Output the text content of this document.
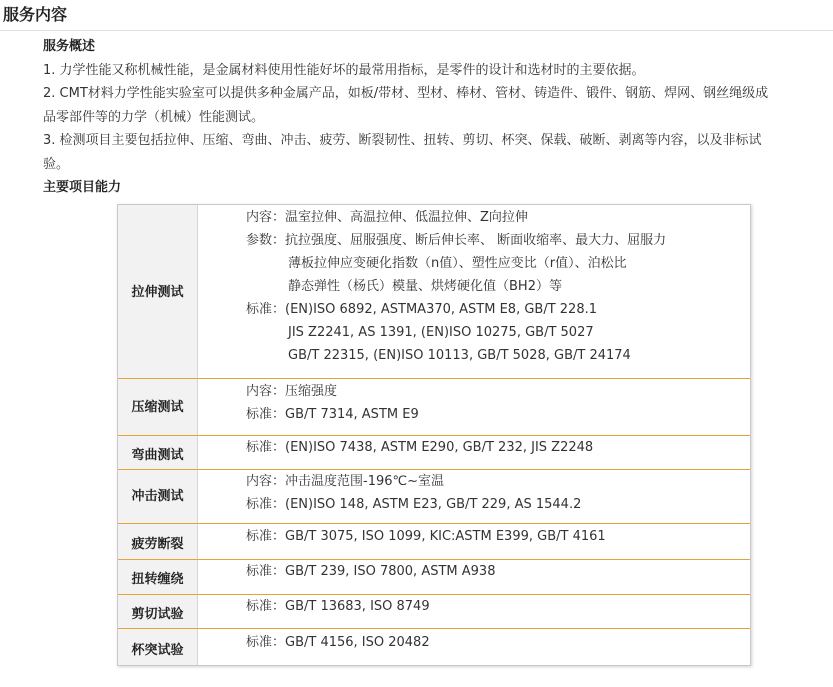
服务内容
服务概述

1. 力学性能又称机械性能，是金属材料使用性能好坏的最常用指标，是零件的设计和选材时的主要依据。

2. CMT材料力学性能实验室可以提供多种金属产品，如板/带材、型材、棒材、管材、铸造件、锻件、钢筋、焊网、钢丝绳级成

品零部件等的力学（机械）性能测试。

3. 检测项目主要包括拉伸、压缩、弯曲、冲击、疲劳、断裂韧性、扭转、剪切、杯突、保载、破断、剥离等内容，以及非标试

验。

主要项目能力
拉伸测试
内容：温室拉伸、高温拉伸、低温拉伸、Z向拉伸
参数：抗拉强度、屈服强度、断后伸长率、 断面收缩率、最大力、屈服力
薄板拉伸应变硬化指数（n值）、塑性应变比（r值）、泊松比
静态弹性（杨氏）模量、烘烤硬化值（BH2）等
标准：(EN)ISO 6892, ASTMA370, ASTM E8, GB/T 228.1
JIS Z2241, AS 1391, (EN)ISO 10275, GB/T 5027
GB/T 22315, (EN)ISO 10113, GB/T 5028, GB/T 24174
压缩测试
内容：压缩强度
标准：GB/T 7314, ASTM E9
弯曲测试
标准：(EN)ISO 7438, ASTM E290, GB/T 232, JIS Z2248
冲击测试
内容：冲击温度范围-196℃~室温
标准：(EN)ISO 148, ASTM E23, GB/T 229, AS 1544.2
疲劳断裂
标准：GB/T 3075, ISO 1099, KIC:ASTM E399, GB/T 4161
扭转缠绕
标准：GB/T 239, ISO 7800, ASTM A938
剪切试验
标准：GB/T 13683, ISO 8749
杯突试验
标准：GB/T 4156, ISO 20482
